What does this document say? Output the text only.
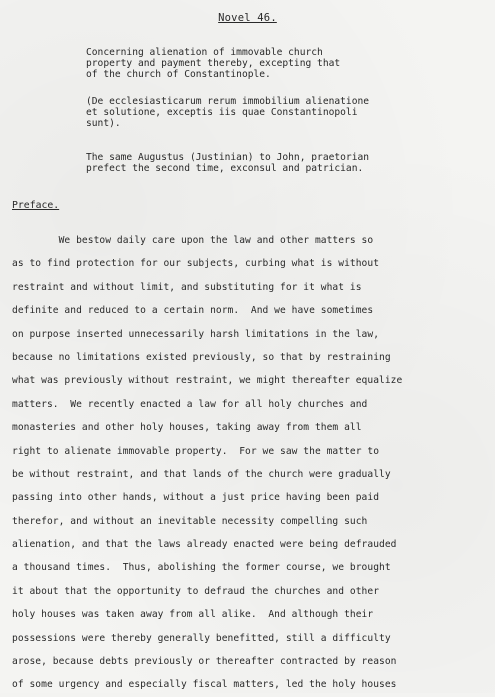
Novel 46.

Concerning alienation of immovable church

property and payment thereby, excepting that

of the church of Constantinople.

(De ecclesiasticarum rerum immobilium alienatione

et solutione, exceptis iis quae Constantinopoli

sunt).

The same Augustus (Justinian) to John, praetorian

prefect the second time, exconsul and patrician.

Preface.
We bestow daily care upon the law and other matters so
as to find protection for our subjects, curbing what is without
restraint and without limit, and substituting for it what is
definite and reduced to a certain norm.  And we have sometimes
on purpose inserted unnecessarily harsh limitations in the law,
because no limitations existed previously, so that by restraining
what was previously without restraint, we might thereafter equalize
matters.  We recently enacted a law for all holy churches and
monasteries and other holy houses, taking away from them all
right to alienate immovable property.  For we saw the matter to
be without restraint, and that lands of the church were gradually
passing into other hands, without a just price having been paid
therefor, and without an inevitable necessity compelling such
alienation, and that the laws already enacted were being defrauded
a thousand times.  Thus, abolishing the former course, we brought
it about that the opportunity to defraud the churches and other
holy houses was taken away from all alike.  And although their
possessions were thereby generally benefitted, still a difficulty
arose, because debts previously or thereafter contracted by reason
of some urgency and especially fiscal matters, led the holy houses
